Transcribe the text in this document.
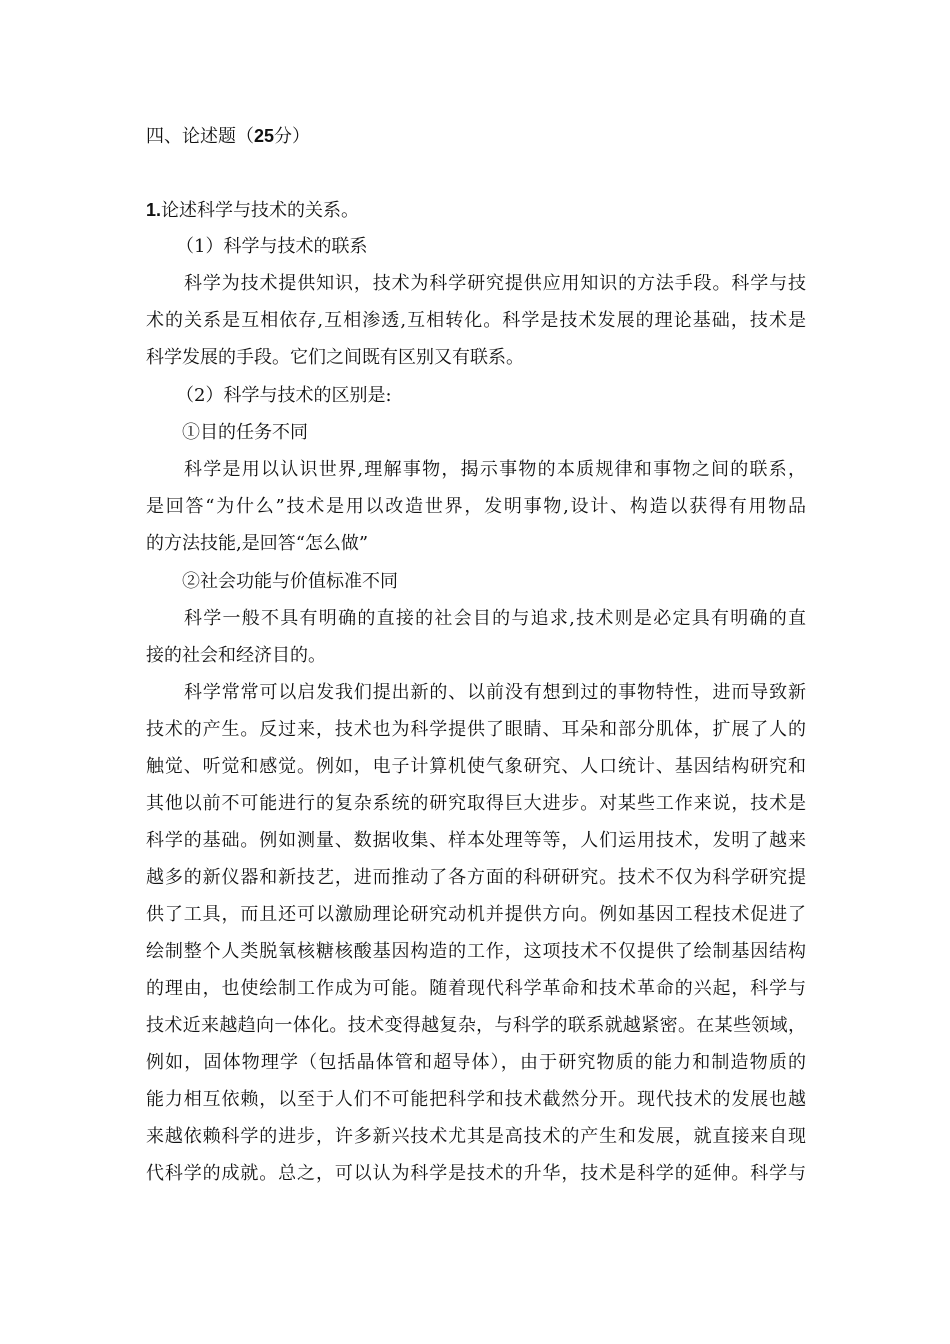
四、论述题（25分）
1.论述科学与技术的关系。
（1）科学与技术的联系
科学为技术提供知识，技术为科学研究提供应用知识的方法手段。科学与技
术的关系是互相依存,互相渗透,互相转化。科学是技术发展的理论基础，技术是
科学发展的手段。它们之间既有区别又有联系。
（2）科学与技术的区别是:
①目的任务不同
科学是用以认识世界,理解事物，揭示事物的本质规律和事物之间的联系，
是回答“为什么”技术是用以改造世界，发明事物,设计、构造以获得有用物品
的方法技能,是回答“怎么做”
②社会功能与价值标准不同
科学一般不具有明确的直接的社会目的与追求,技术则是必定具有明确的直
接的社会和经济目的。
科学常常可以启发我们提出新的、以前没有想到过的事物特性，进而导致新
技术的产生。反过来，技术也为科学提供了眼睛、耳朵和部分肌体，扩展了人的
触觉、听觉和感觉。例如，电子计算机使气象研究、人口统计、基因结构研究和
其他以前不可能进行的复杂系统的研究取得巨大进步。对某些工作来说，技术是
科学的基础。例如测量、数据收集、样本处理等等，人们运用技术，发明了越来
越多的新仪器和新技艺，进而推动了各方面的科研研究。技术不仅为科学研究提
供了工具，而且还可以激励理论研究动机并提供方向。例如基因工程技术促进了
绘制整个人类脱氧核糖核酸基因构造的工作，这项技术不仅提供了绘制基因结构
的理由，也使绘制工作成为可能。随着现代科学革命和技术革命的兴起，科学与
技术近来越趋向一体化。技术变得越复杂，与科学的联系就越紧密。在某些领域，
例如，固体物理学（包括晶体管和超导体），由于研究物质的能力和制造物质的
能力相互依赖，以至于人们不可能把科学和技术截然分开。现代技术的发展也越
来越依赖科学的进步，许多新兴技术尤其是高技术的产生和发展，就直接来自现
代科学的成就。总之，可以认为科学是技术的升华，技术是科学的延伸。科学与
